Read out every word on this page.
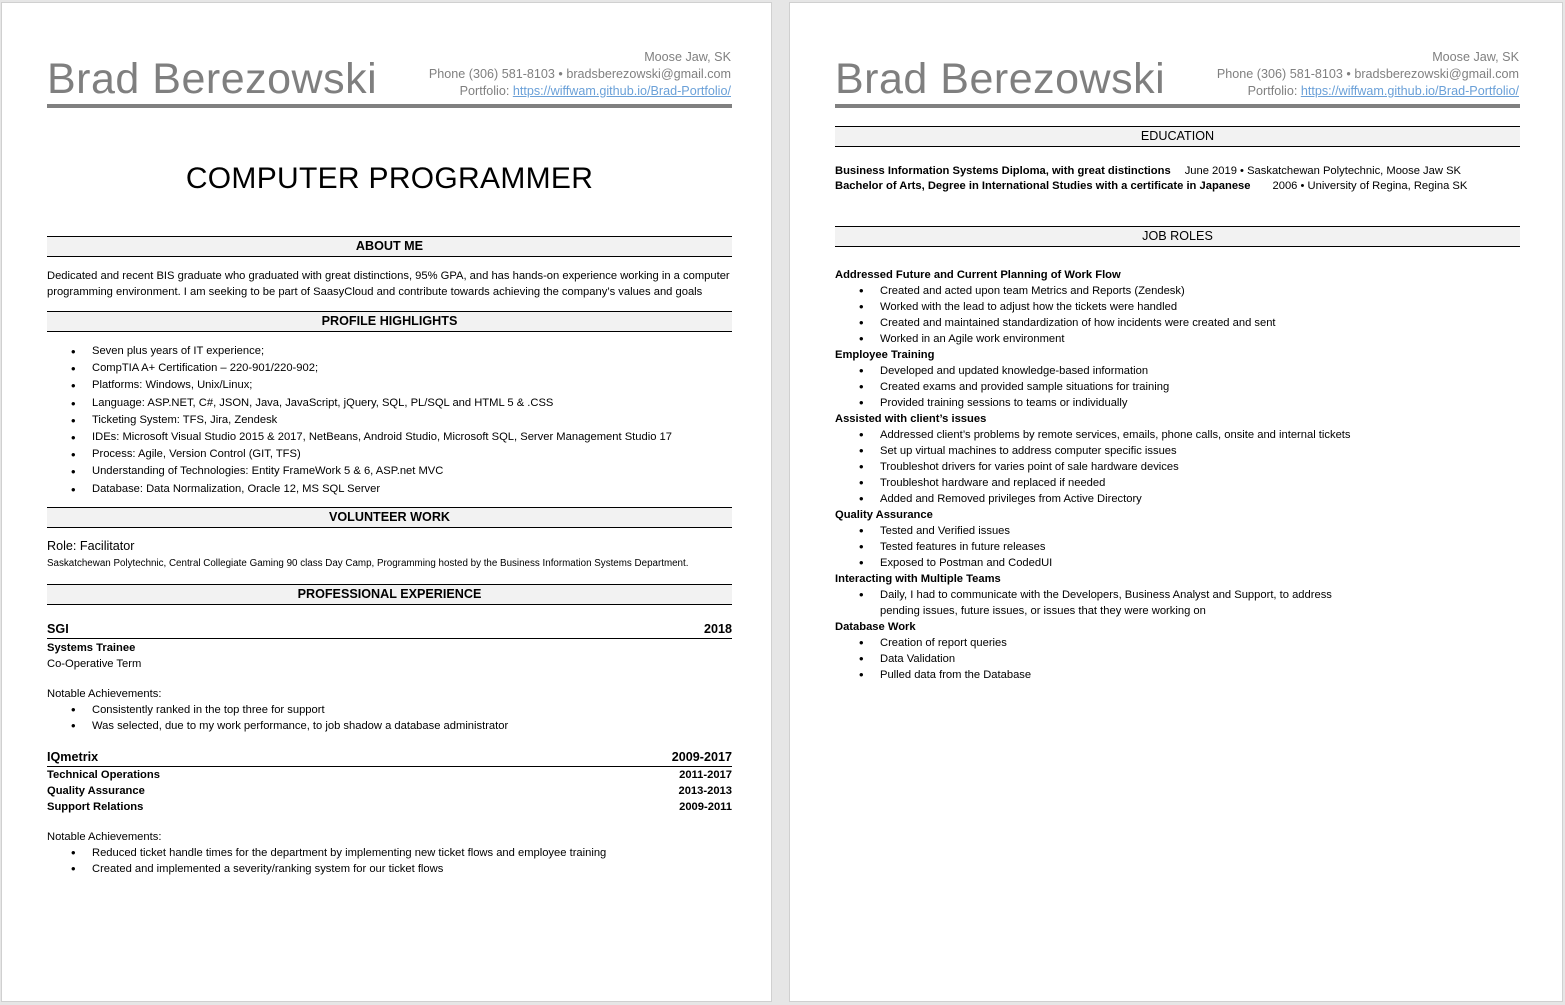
Brad Berezowski	Moose Jaw, SK
Phone (306) 581-8103 • bradsberezowski@gmail.com
Portfolio: https://wiffwam.github.io/Brad-Portfolio/
COMPUTER PROGRAMMER
ABOUT ME
Dedicated and recent BIS graduate who graduated with great distinctions, 95% GPA, and has hands-on experience working in a computer programming environment. I am seeking to be part of SaasyCloud and contribute towards achieving the company’s values and goals
PROFILE HIGHLIGHTS
• Seven plus years of IT experience;
• CompTIA A+ Certification – 220-901/220-902;
• Platforms: Windows, Unix/Linux;
• Language: ASP.NET, C#, JSON, Java, JavaScript, jQuery, SQL, PL/SQL and HTML 5 & .CSS
• Ticketing System: TFS, Jira, Zendesk
• IDEs: Microsoft Visual Studio 2015 & 2017, NetBeans, Android Studio, Microsoft SQL, Server Management Studio 17
• Process: Agile, Version Control (GIT, TFS)
• Understanding of Technologies: Entity FrameWork 5 & 6, ASP.net MVC
• Database: Data Normalization, Oracle 12, MS SQL Server
VOLUNTEER WORK
Role: Facilitator
Saskatchewan Polytechnic, Central Collegiate Gaming 90 class Day Camp, Programming hosted by the Business Information Systems Department.
PROFESSIONAL EXPERIENCE
SGI	2018
Systems Trainee
Co-Operative Term
Notable Achievements:
• Consistently ranked in the top three for support
• Was selected, due to my work performance, to job shadow a database administrator
IQmetrix	2009-2017
Technical Operations	2011-2017
Quality Assurance	2013-2013
Support Relations	2009-2011
Notable Achievements:
• Reduced ticket handle times for the department by implementing new ticket flows and employee training
• Created and implemented a severity/ranking system for our ticket flows
Brad Berezowski	Moose Jaw, SK
Phone (306) 581-8103 • bradsberezowski@gmail.com
Portfolio: https://wiffwam.github.io/Brad-Portfolio/
EDUCATION
Business Information Systems Diploma, with great distinctions June 2019 • Saskatchewan Polytechnic, Moose Jaw SK
Bachelor of Arts, Degree in International Studies with a certificate in Japanese 2006 • University of Regina, Regina SK
JOB ROLES
Addressed Future and Current Planning of Work Flow
• Created and acted upon team Metrics and Reports (Zendesk)
• Worked with the lead to adjust how the tickets were handled
• Created and maintained standardization of how incidents were created and sent
• Worked in an Agile work environment
Employee Training
• Developed and updated knowledge-based information
• Created exams and provided sample situations for training
• Provided training sessions to teams or individually
Assisted with client’s issues
• Addressed client’s problems by remote services, emails, phone calls, onsite and internal tickets
• Set up virtual machines to address computer specific issues
• Troubleshot drivers for varies point of sale hardware devices
• Troubleshot hardware and replaced if needed
• Added and Removed privileges from Active Directory
Quality Assurance
• Tested and Verified issues
• Tested features in future releases
• Exposed to Postman and CodedUI
Interacting with Multiple Teams
• Daily, I had to communicate with the Developers, Business Analyst and Support, to address pending issues, future issues, or issues that they were working on
Database Work
• Creation of report queries
• Data Validation
• Pulled data from the Database
